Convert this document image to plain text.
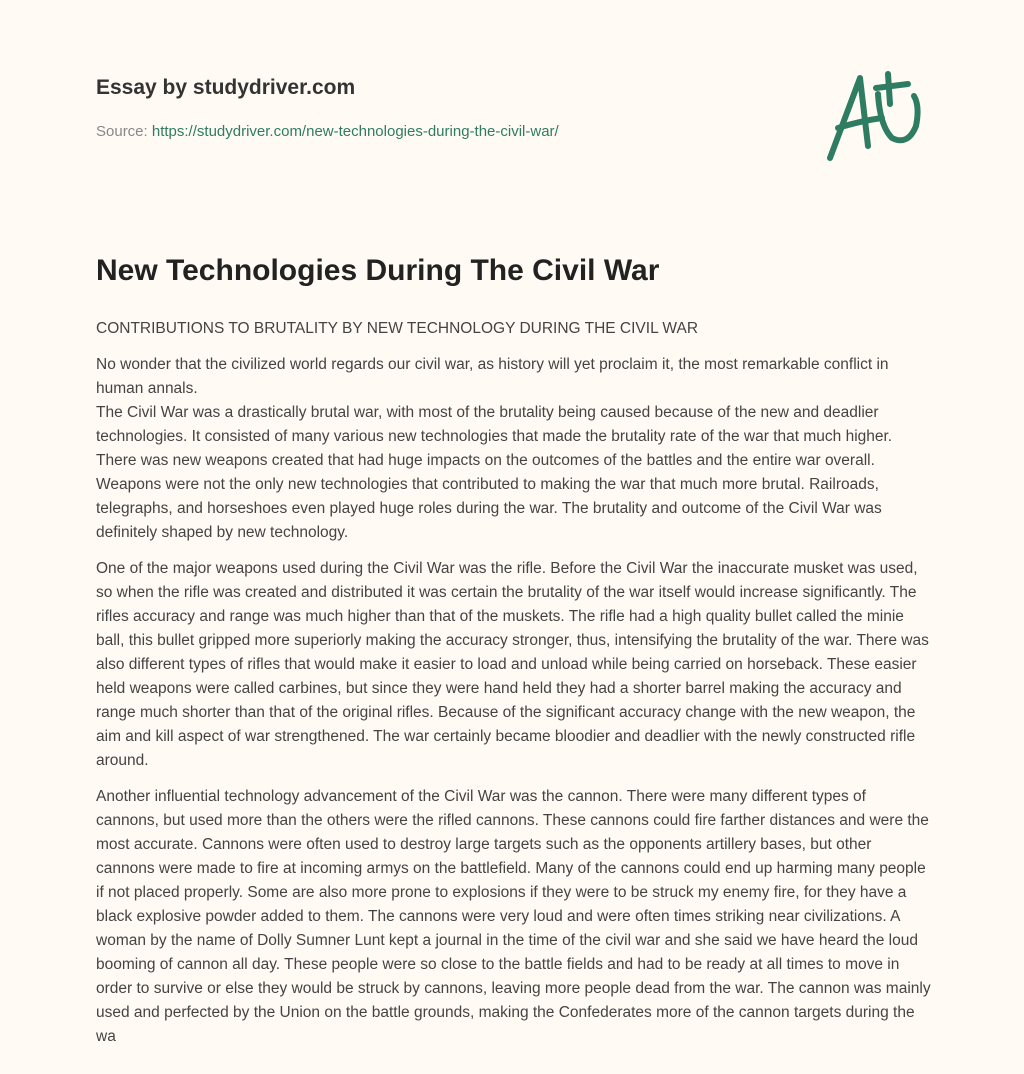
Essay by studydriver.com
Source: https://studydriver.com/new-technologies-during-the-civil-war/
New Technologies During The Civil War

CONTRIBUTIONS TO BRUTALITY BY NEW TECHNOLOGY DURING THE CIVIL WAR

No wonder that the civilized world regards our civil war, as history will yet proclaim it, the most remarkable conflict in human annals.
The Civil War was a drastically brutal war, with most of the brutality being caused because of the new and deadlier technologies. It consisted of many various new technologies that made the brutality rate of the war that much higher. There was new weapons created that had huge impacts on the outcomes of the battles and the entire war overall. Weapons were not the only new technologies that contributed to making the war that much more brutal. Railroads, telegraphs, and horseshoes even played huge roles during the war. The brutality and outcome of the Civil War was definitely shaped by new technology.

One of the major weapons used during the Civil War was the rifle. Before the Civil War the inaccurate musket was used, so when the rifle was created and distributed it was certain the brutality of the war itself would increase significantly. The rifles accuracy and range was much higher than that of the muskets. The rifle had a high quality bullet called the minie ball, this bullet gripped more superiorly making the accuracy stronger, thus, intensifying the brutality of the war. There was also different types of rifles that would make it easier to load and unload while being carried on horseback. These easier held weapons were called carbines, but since they were hand held they had a shorter barrel making the accuracy and range much shorter than that of the original rifles. Because of the significant accuracy change with the new weapon, the aim and kill aspect of war strengthened. The war certainly became bloodier and deadlier with the newly constructed rifle around.

Another influential technology advancement of the Civil War was the cannon. There were many different types of cannons, but used more than the others were the rifled cannons. These cannons could fire farther distances and were the most accurate. Cannons were often used to destroy large targets such as the opponents artillery bases, but other cannons were made to fire at incoming armys on the battlefield. Many of the cannons could end up harming many people if not placed properly. Some are also more prone to explosions if they were to be struck my enemy fire, for they have a black explosive powder added to them. The cannons were very loud and were often times striking near civilizations. A woman by the name of Dolly Sumner Lunt kept a journal in the time of the civil war and she said we have heard the loud booming of cannon all day. These people were so close to the battle fields and had to be ready at all times to move in order to survive or else they would be struck by cannons, leaving more people dead from the war. The cannon was mainly used and perfected by the Union on the battle grounds, making the Confederates more of the cannon targets during the wa
